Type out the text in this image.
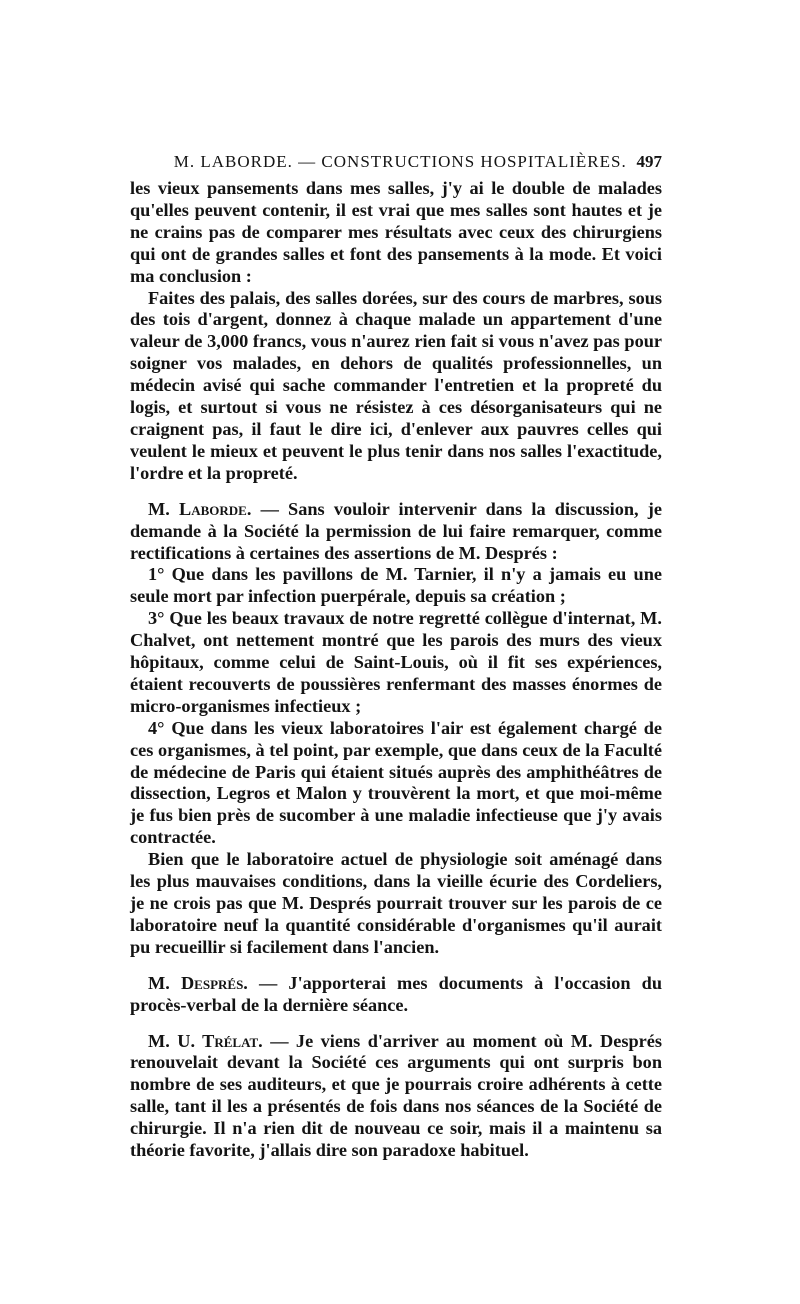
M. LABORDE. — CONSTRUCTIONS HOSPITALIÈRES. 497

les vieux pansements dans mes salles, j'y ai le double de malades qu'elles peuvent contenir, il est vrai que mes salles sont hautes et je ne crains pas de comparer mes résultats avec ceux des chirurgiens qui ont de grandes salles et font des pansements à la mode. Et voici ma conclusion :

Faites des palais, des salles dorées, sur des cours de marbres, sous des tois d'argent, donnez à chaque malade un appartement d'une valeur de 3,000 francs, vous n'aurez rien fait si vous n'avez pas pour soigner vos malades, en dehors de qualités professionnelles, un médecin avisé qui sache commander l'entretien et la propreté du logis, et surtout si vous ne résistez à ces désorganisateurs qui ne craignent pas, il faut le dire ici, d'enlever aux pauvres celles qui veulent le mieux et peuvent le plus tenir dans nos salles l'exactitude, l'ordre et la propreté.

M. Laborde. — Sans vouloir intervenir dans la discussion, je demande à la Société la permission de lui faire remarquer, comme rectifications à certaines des assertions de M. Després :

1° Que dans les pavillons de M. Tarnier, il n'y a jamais eu une seule mort par infection puerpérale, depuis sa création ;

3° Que les beaux travaux de notre regretté collègue d'internat, M. Chalvet, ont nettement montré que les parois des murs des vieux hôpitaux, comme celui de Saint-Louis, où il fit ses expériences, étaient recouverts de poussières renfermant des masses énormes de micro-organismes infectieux ;

4° Que dans les vieux laboratoires l'air est également chargé de ces organismes, à tel point, par exemple, que dans ceux de la Faculté de médecine de Paris qui étaient situés auprès des amphithéâtres de dissection, Legros et Malon y trouvèrent la mort, et que moi-même je fus bien près de sucomber à une maladie infectieuse que j'y avais contractée.

Bien que le laboratoire actuel de physiologie soit aménagé dans les plus mauvaises conditions, dans la vieille écurie des Cordeliers, je ne crois pas que M. Després pourrait trouver sur les parois de ce laboratoire neuf la quantité considérable d'organismes qu'il aurait pu recueillir si facilement dans l'ancien.

M. Després. — J'apporterai mes documents à l'occasion du procès-verbal de la dernière séance.

M. U. Trélat. — Je viens d'arriver au moment où M. Després renouvelait devant la Société ces arguments qui ont surpris bon nombre de ses auditeurs, et que je pourrais croire adhérents à cette salle, tant il les a présentés de fois dans nos séances de la Société de chirurgie. Il n'a rien dit de nouveau ce soir, mais il a maintenu sa théorie favorite, j'allais dire son paradoxe habituel.
